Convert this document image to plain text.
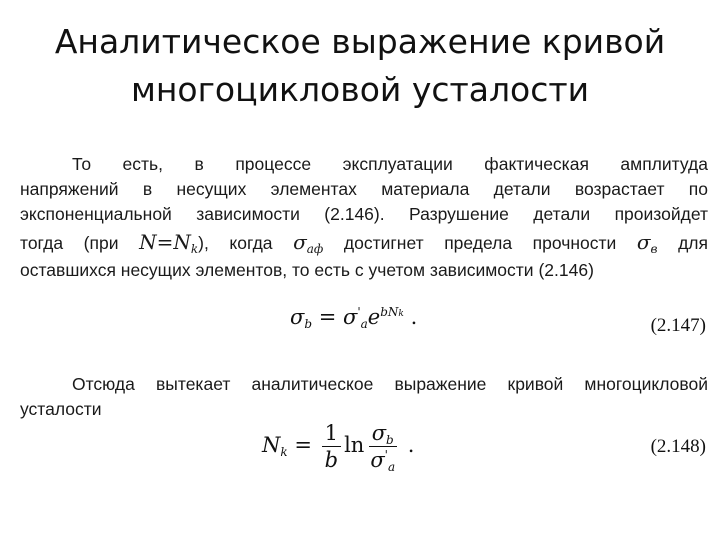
Аналитическое выражение кривой
многоцикловой усталости
То есть, в процессе эксплуатации фактическая амплитуда
напряжений в несущих элементах материала детали возрастает по
экспоненциальной зависимости (2.146). Разрушение детали произойдет
тогда (при $N=N_k$), когда $\sigma_{аф}$ достигнет предела прочности $\sigma_в$ для
оставшихся несущих элементов, то есть с учетом зависимости (2.146)
$\sigma_b = \sigma'_ae^{bNk}$ .	(2.147)
Отсюда вытекает аналитическое выражение кривой многоцикловой
усталости
$N_k = \frac{1}{b}$ $\ln \frac{\sigma_b}{\sigma'_a}$ .	(2.148)
